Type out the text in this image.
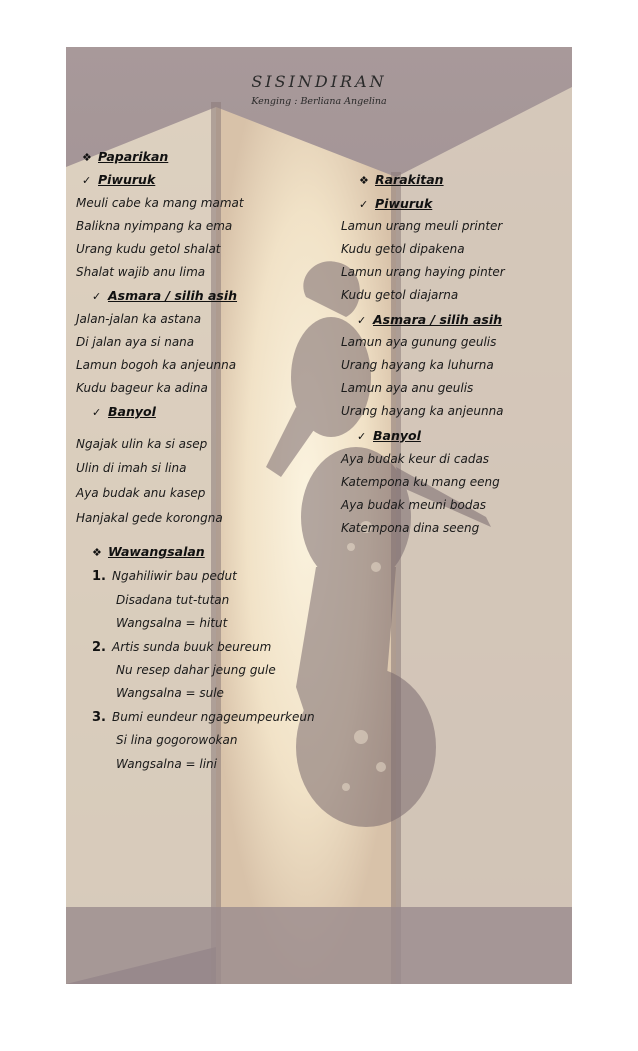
SISINDIRAN
Kenging : Berliana Angelina
❖ Paparikan
✓ Piwuruk
Meuli cabe ka mang mamat
Balikna nyimpang ka ema
Urang kudu getol shalat
Shalat wajib anu lima
✓ Asmara / silih asih
Jalan-jalan ka astana
Di jalan aya si nana
Lamun bogoh ka anjeunna
Kudu bageur ka adina
✓ Banyol
Ngajak ulin ka si asep
Ulin di imah si lina
Aya budak anu kasep
Hanjakal gede korongna
❖ Rarakitan
✓ Piwuruk
Lamun urang meuli printer
Kudu getol dipakena
Lamun urang haying pinter
Kudu getol diajarna
✓ Asmara / silih asih
Lamun aya gunung geulis
Urang hayang ka luhurna
Lamun aya anu geulis
Urang hayang ka anjeunna
✓ Banyol
Aya budak keur di cadas
Katempona ku mang eeng
Aya budak meuni bodas
Katempona dina seeng
❖ Wawangsalan
1. Ngahiliwir bau pedut
Disadana tut-tutan
Wangsalna = hitut
2. Artis sunda buuk beureum
Nu resep dahar jeung gule
Wangsalna = sule
3. Bumi eundeur ngageumpeurkeun
Si lina gogorowokan
Wangsalna = lini
